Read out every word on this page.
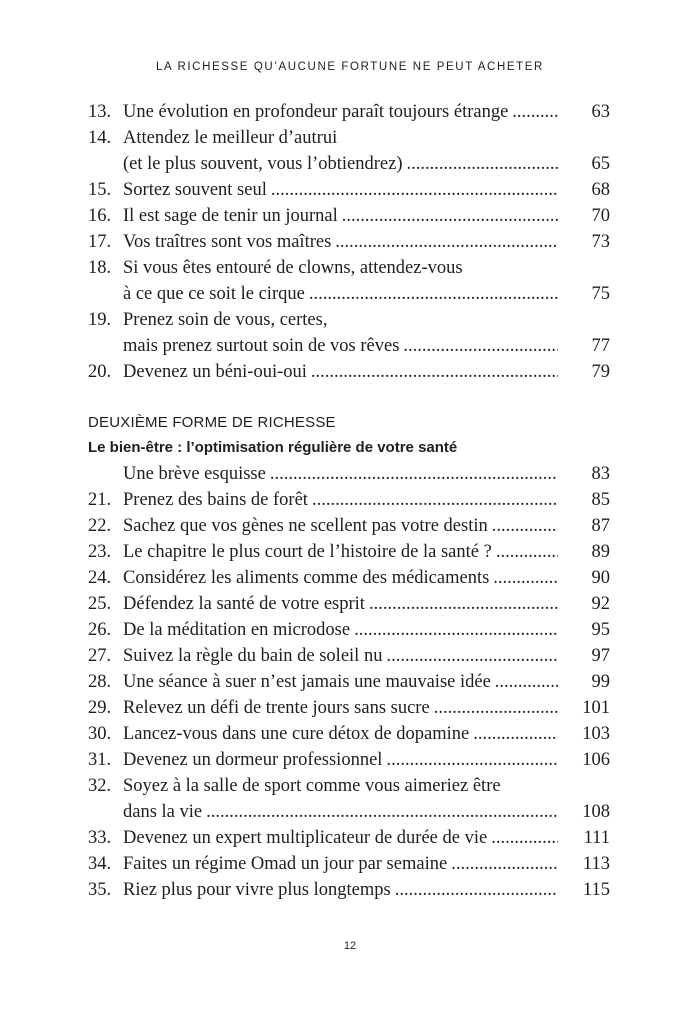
LA RICHESSE QU’AUCUNE FORTUNE NE PEUT ACHETER
13. Une évolution en profondeur paraît toujours étrange .....	63
14. Attendez le meilleur d’autrui
(et le plus souvent, vous l’obtiendrez) .....	65
15. Sortez souvent seul .....	68
16. Il est sage de tenir un journal .....	70
17. Vos traîtres sont vos maîtres .....	73
18. Si vous êtes entouré de clowns, attendez-vous
à ce que ce soit le cirque .....	75
19. Prenez soin de vous, certes,
mais prenez surtout soin de vos rêves .....	77
20. Devenez un béni-oui-oui .....	79
DEUXIÈME FORME DE RICHESSE
Le bien-être : l’optimisation régulière de votre santé
Une brève esquisse .....	83
21. Prenez des bains de forêt .....	85
22. Sachez que vos gènes ne scellent pas votre destin .....	87
23. Le chapitre le plus court de l’histoire de la santé ? .....	89
24. Considérez les aliments comme des médicaments .....	90
25. Défendez la santé de votre esprit .....	92
26. De la méditation en microdose .....	95
27. Suivez la règle du bain de soleil nu .....	97
28. Une séance à suer n’est jamais une mauvaise idée .....	99
29. Relevez un défi de trente jours sans sucre .....	101
30. Lancez-vous dans une cure détox de dopamine .....	103
31. Devenez un dormeur professionnel .....	106
32. Soyez à la salle de sport comme vous aimeriez être
dans la vie .....	108
33. Devenez un expert multiplicateur de durée de vie .....	111
34. Faites un régime Omad un jour par semaine .....	113
35. Riez plus pour vivre plus longtemps .....	115
12
